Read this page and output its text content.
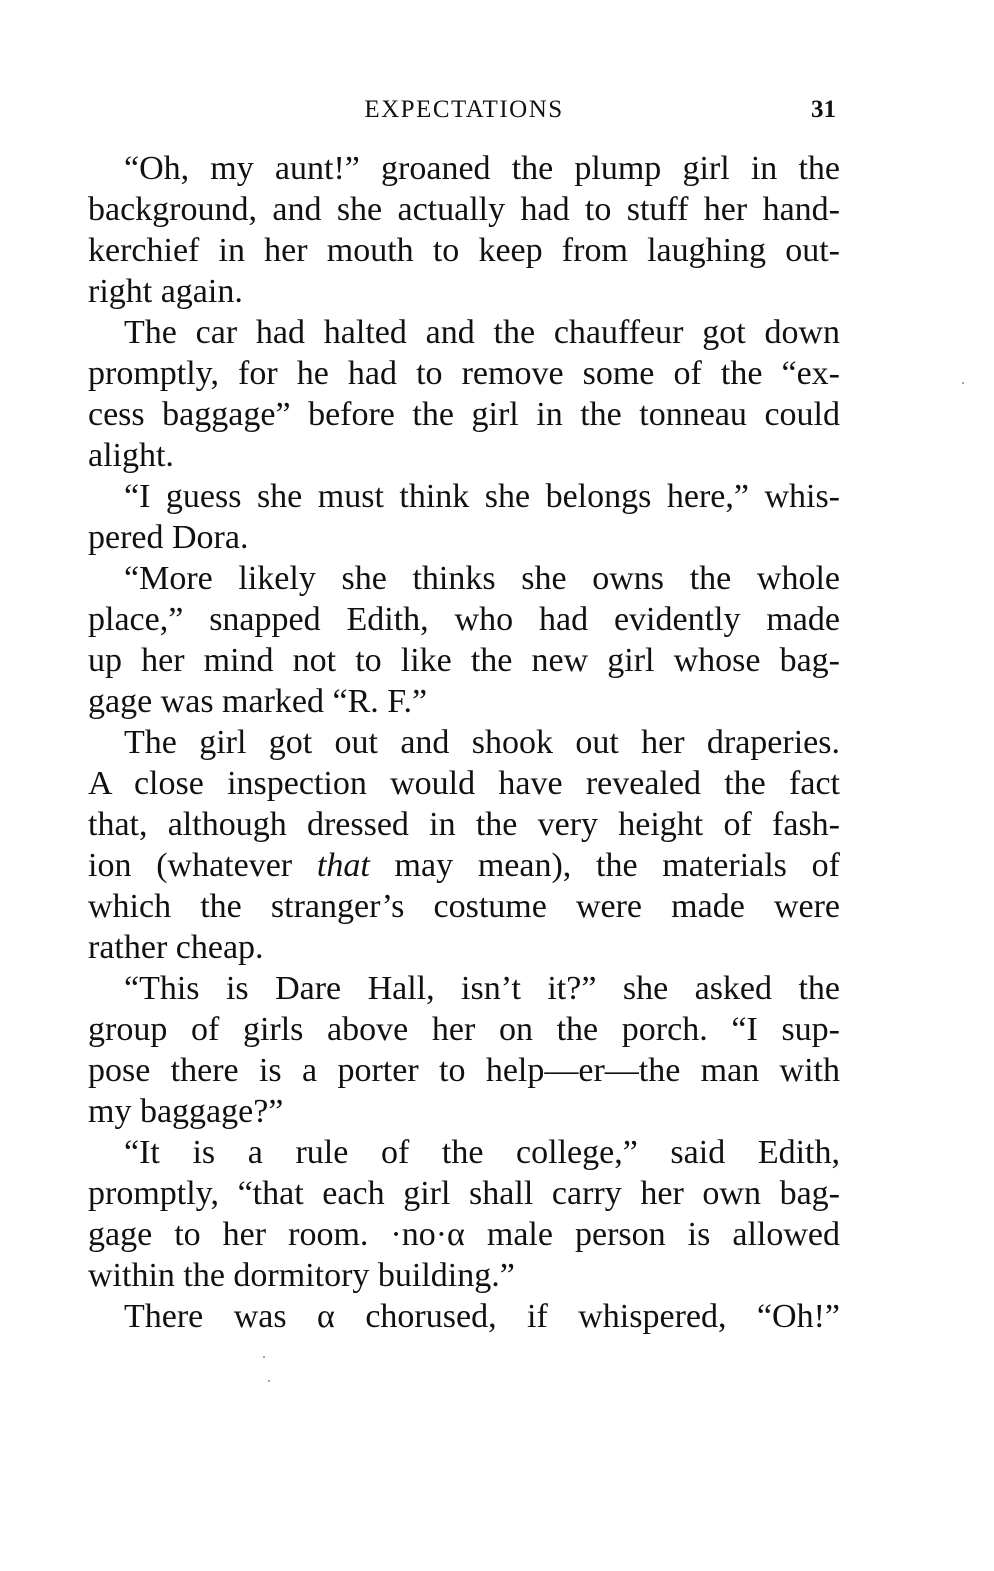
EXPECTATIONS	31
“Oh, my aunt!” groaned the plump girl in the
background, and she actually had to stuff her hand-
kerchief in her mouth to keep from laughing out-
right again.
The car had halted and the chauffeur got down
promptly, for he had to remove some of the “ex-
cess baggage” before the girl in the tonneau could
alight.
“I guess she must think she belongs here,” whis-
pered Dora.
“More likely she thinks she owns the whole
place,” snapped Edith, who had evidently made
up her mind not to like the new girl whose bag-
gage was marked “R. F.”
The girl got out and shook out her draperies.
A close inspection would have revealed the fact
that, although dressed in the very height of fash-
ion (whatever that may mean), the materials of
which the stranger’s costume were made were
rather cheap.
“This is Dare Hall, isn’t it?” she asked the
group of girls above her on the porch. “I sup-
pose there is a porter to help—er—the man with
my baggage?”
“It is a rule of the college,” said Edith,
promptly, “that each girl shall carry her own bag-
gage to her room. ·no·α male person is allowed
within the dormitory building.”
There was α chorused, if whispered, “Oh!”
